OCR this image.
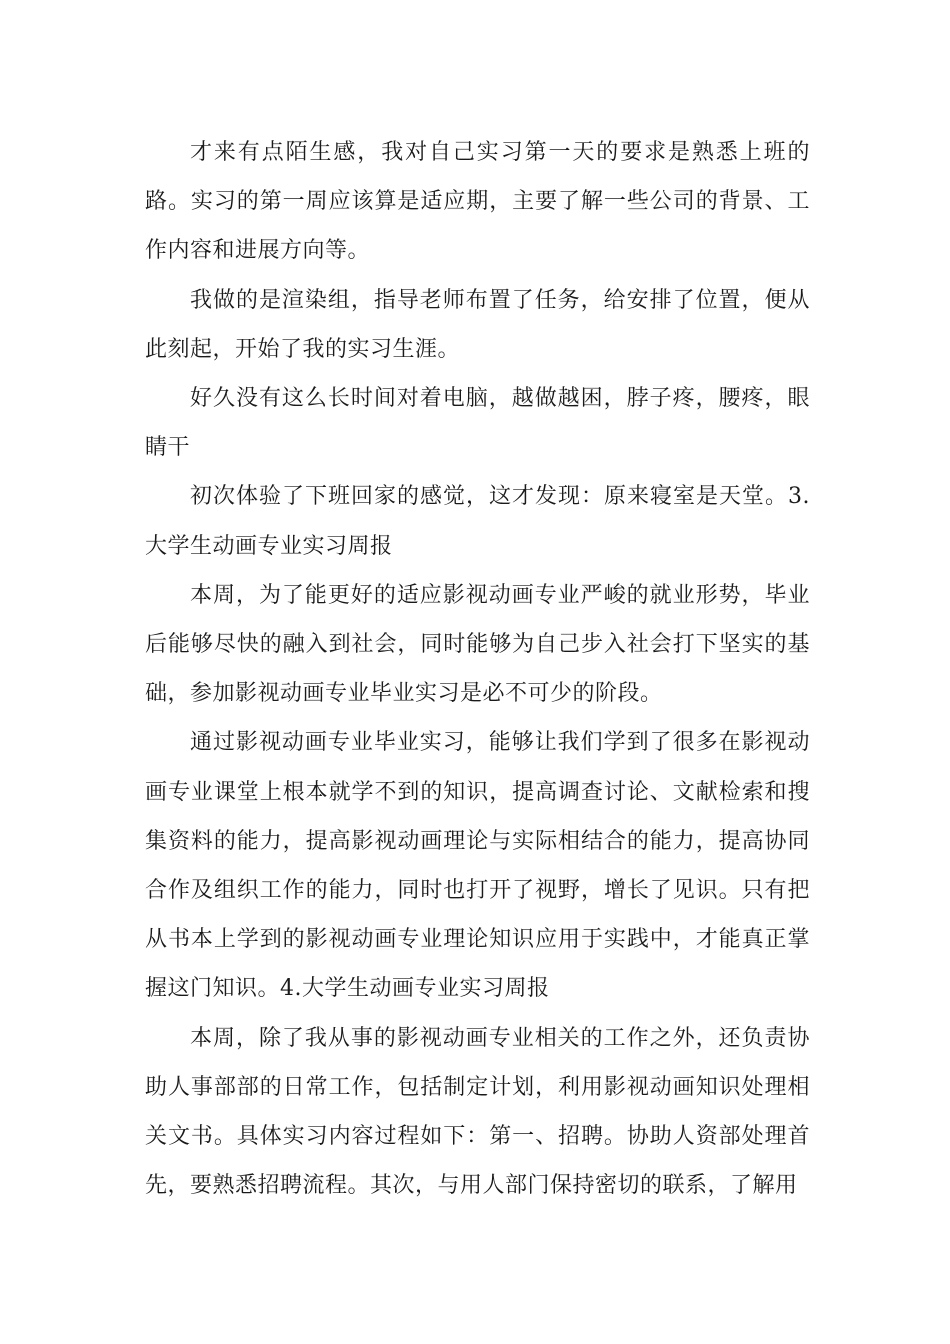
才来有点陌生感，我对自己实习第一天的要求是熟悉上班的路。实习的第一周应该算是适应期，主要了解一些公司的背景、工作内容和进展方向等。

我做的是渲染组，指导老师布置了任务，给安排了位置，便从此刻起，开始了我的实习生涯。

好久没有这么长时间对着电脑，越做越困，脖子疼，腰疼，眼睛干

初次体验了下班回家的感觉，这才发现：原来寝室是天堂。3.大学生动画专业实习周报

本周，为了能更好的适应影视动画专业严峻的就业形势，毕业后能够尽快的融入到社会，同时能够为自己步入社会打下坚实的基础，参加影视动画专业毕业实习是必不可少的阶段。

通过影视动画专业毕业实习，能够让我们学到了很多在影视动画专业课堂上根本就学不到的知识，提高调查讨论、文献检索和搜集资料的能力，提高影视动画理论与实际相结合的能力，提高协同合作及组织工作的能力，同时也打开了视野，增长了见识。只有把从书本上学到的影视动画专业理论知识应用于实践中，才能真正掌握这门知识。4.大学生动画专业实习周报

本周，除了我从事的影视动画专业相关的工作之外，还负责协助人事部部的日常工作，包括制定计划，利用影视动画知识处理相关文书。具体实习内容过程如下：第一、招聘。协助人资部处理首先，要熟悉招聘流程。其次，与用人部门保持密切的联系，了解用
